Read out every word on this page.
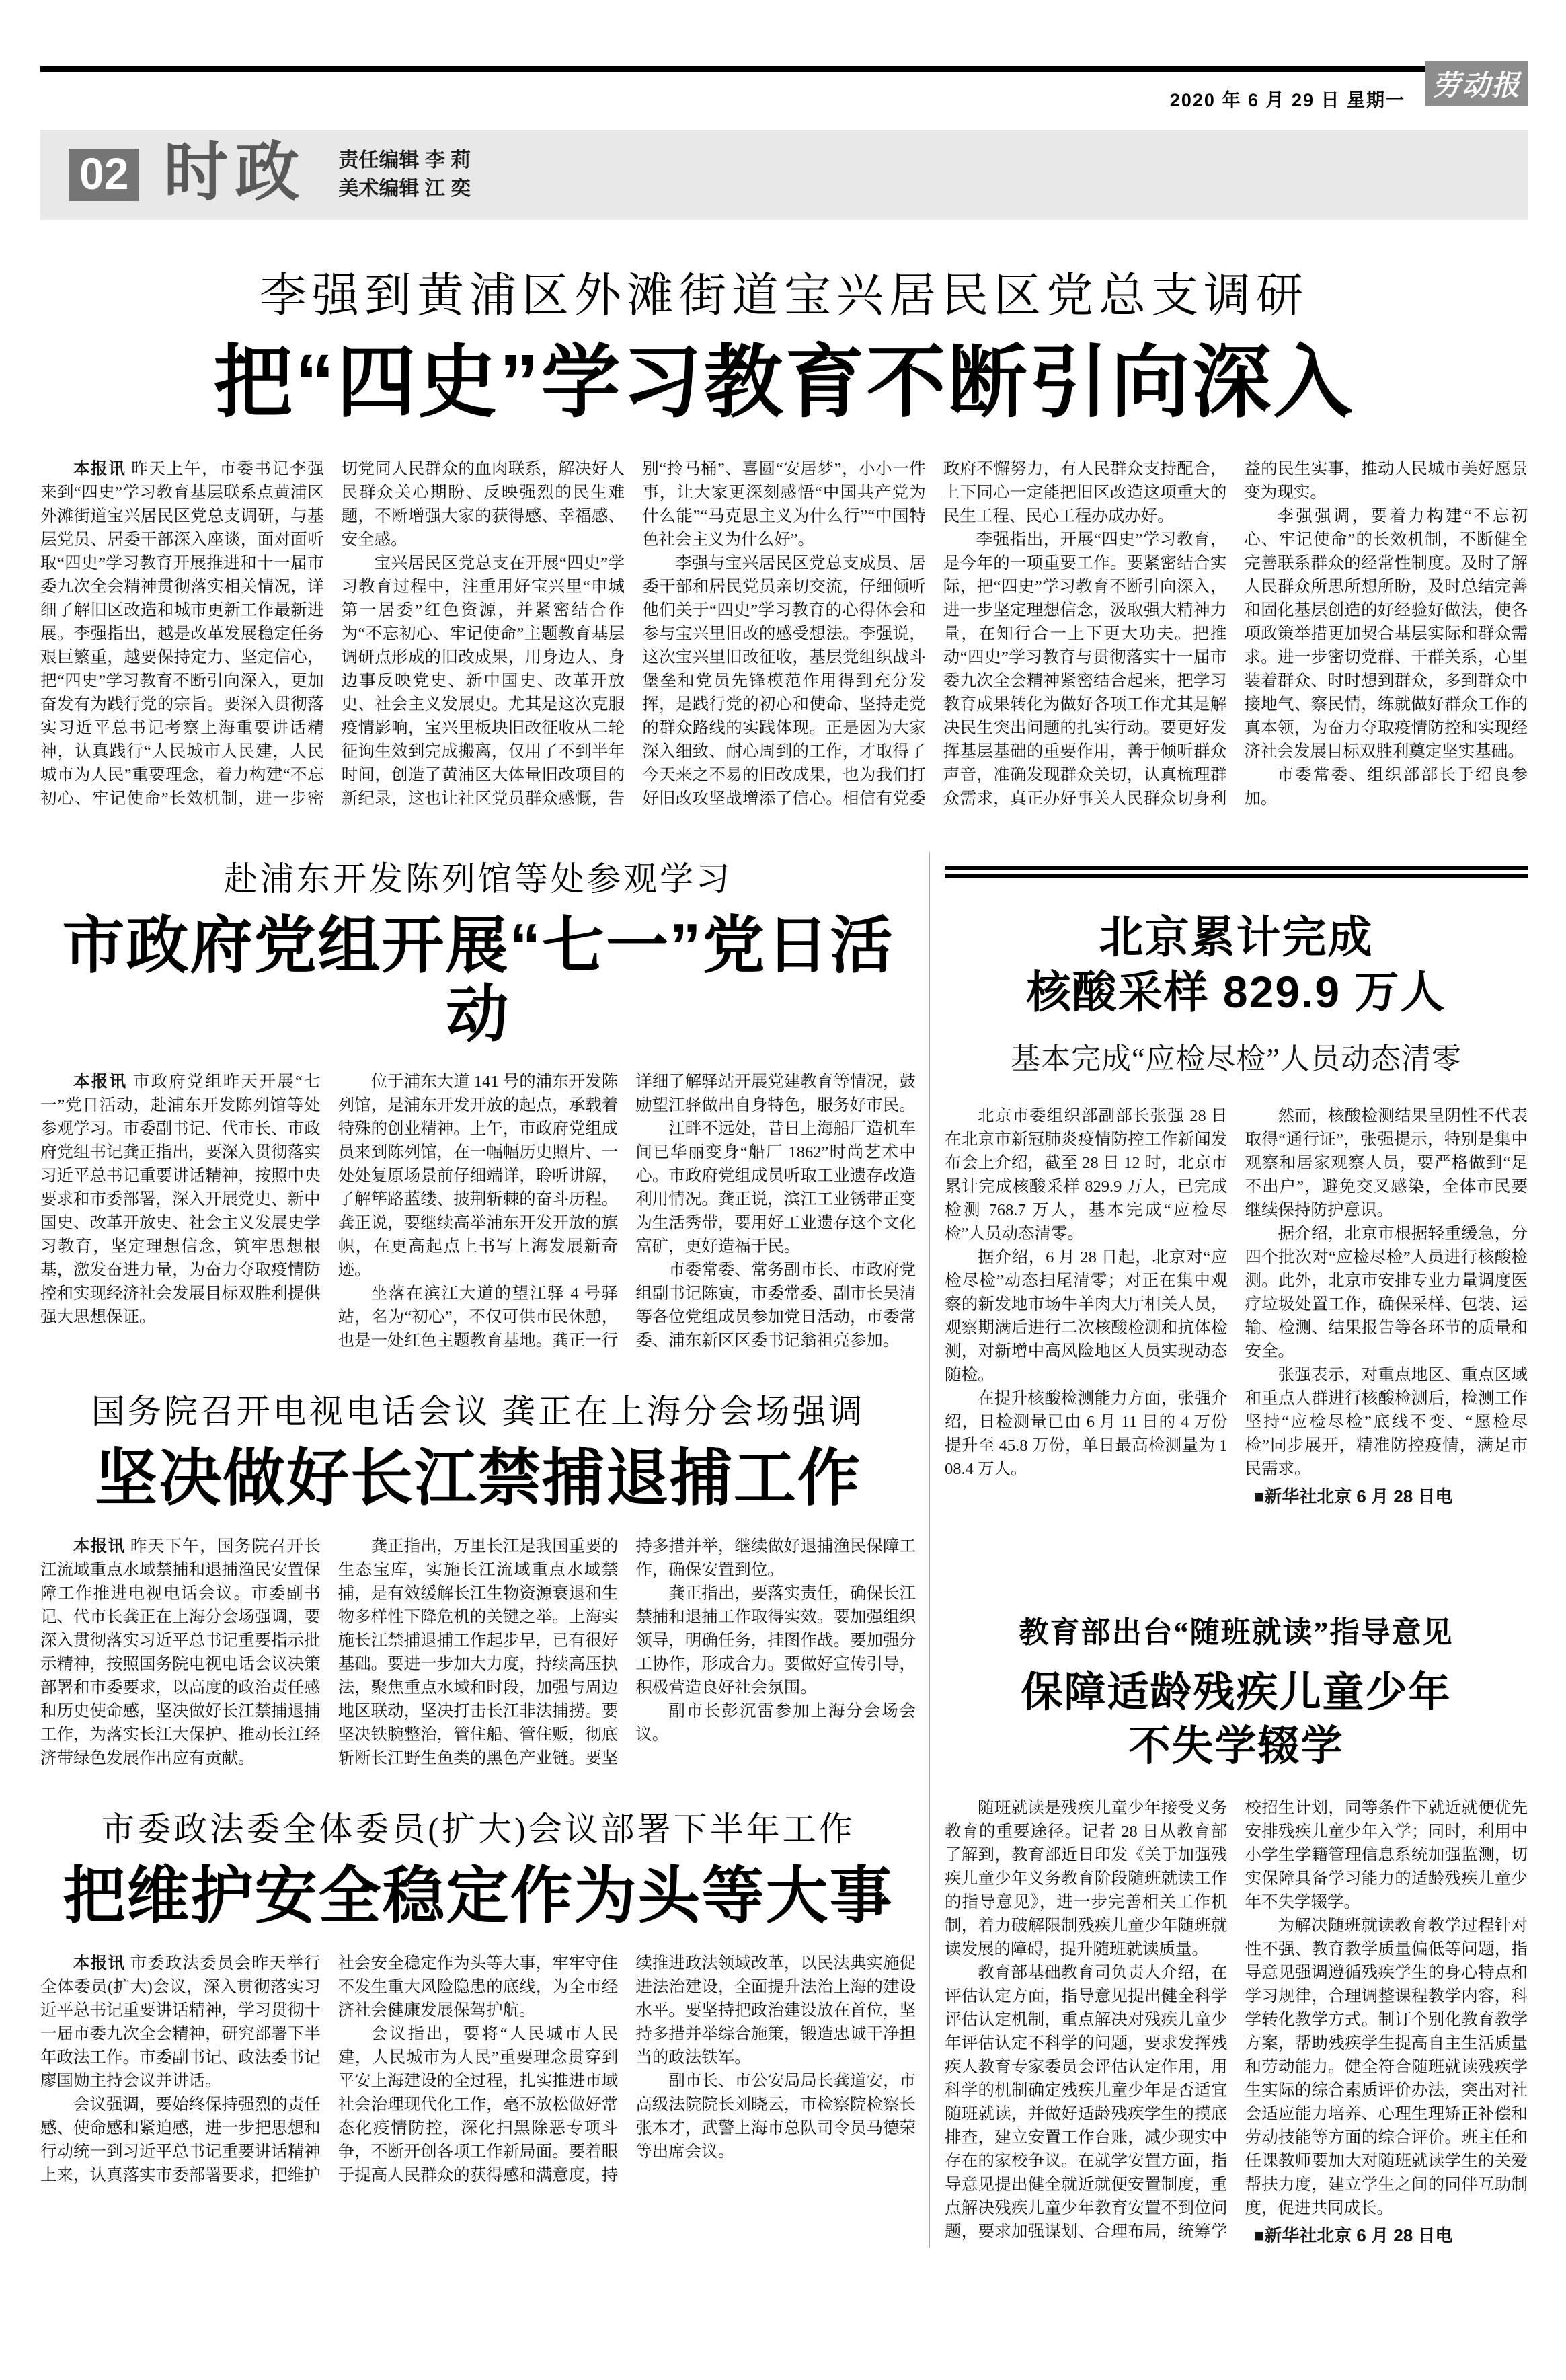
2020 年 6 月 29 日 星期一 劳动报
02 时政 责任编辑 李 莉
美术编辑 江 奕
李强到黄浦区外滩街道宝兴居民区党总支调研
把“四史”学习教育不断引向深入

本报讯 昨天上午，市委书记李强来到“四史”学习教育基层联系点黄浦区外滩街道宝兴居民区党总支调研，与基层党员、居委干部深入座谈，面对面听取“四史”学习教育开展推进和十一届市委九次全会精神贯彻落实相关情况，详细了解旧区改造和城市更新工作最新进展。李强指出，越是改革发展稳定任务艰巨繁重，越要保持定力、坚定信心，把“四史”学习教育不断引向深入，更加奋发有为践行党的宗旨。要深入贯彻落实习近平总书记考察上海重要讲话精神，认真践行“人民城市人民建，人民城市为人民”重要理念，着力构建“不忘初心、牢记使命”长效机制，进一步密切党同人民群众的血肉联系，解决好人民群众关心期盼、反映强烈的民生难题，不断增强大家的获得感、幸福感、安全感。

宝兴居民区党总支在开展“四史”学习教育过程中，注重用好宝兴里“申城第一居委”红色资源，并紧密结合作为“不忘初心、牢记使命”主题教育基层调研点形成的旧改成果，用身边人、身边事反映党史、新中国史、改革开放史、社会主义发展史。尤其是这次克服疫情影响，宝兴里板块旧改征收从二轮征询生效到完成搬离，仅用了不到半年时间，创造了黄浦区大体量旧改项目的新纪录，这也让社区党员群众感慨，告别“拎马桶”、喜圆“安居梦”，小小一件事，让大家更深刻感悟“中国共产党为什么能”“马克思主义为什么行”“中国特色社会主义为什么好”。

李强与宝兴居民区党总支成员、居委干部和居民党员亲切交流，仔细倾听他们关于“四史”学习教育的心得体会和参与宝兴里旧改的感受想法。李强说，这次宝兴里旧改征收，基层党组织战斗堡垒和党员先锋模范作用得到充分发挥，是践行党的初心和使命、坚持走党的群众路线的实践体现。正是因为大家深入细致、耐心周到的工作，才取得了今天来之不易的旧改成果，也为我们打好旧改攻坚战增添了信心。相信有党委政府不懈努力，有人民群众支持配合，上下同心一定能把旧区改造这项重大的民生工程、民心工程办成办好。

李强指出，开展“四史”学习教育，是今年的一项重要工作。要紧密结合实际，把“四史”学习教育不断引向深入，进一步坚定理想信念，汲取强大精神力量，在知行合一上下更大功夫。把推动“四史”学习教育与贯彻落实十一届市委九次全会精神紧密结合起来，把学习教育成果转化为做好各项工作尤其是解决民生突出问题的扎实行动。要更好发挥基层基础的重要作用，善于倾听群众声音，准确发现群众关切，认真梳理群众需求，真正办好事关人民群众切身利益的民生实事，推动人民城市美好愿景变为现实。

李强强调，要着力构建“不忘初心、牢记使命”的长效机制，不断健全完善联系群众的经常性制度。及时了解人民群众所思所想所盼，及时总结完善和固化基层创造的好经验好做法，使各项政策举措更加契合基层实际和群众需求。进一步密切党群、干群关系，心里装着群众、时时想到群众，多到群众中接地气、察民情，练就做好群众工作的真本领，为奋力夺取疫情防控和实现经济社会发展目标双胜利奠定坚实基础。

市委常委、组织部部长于绍良参加。

赴浦东开发陈列馆等处参观学习
市政府党组开展“七一”党日活动

本报讯 市政府党组昨天开展“七一”党日活动，赴浦东开发陈列馆等处参观学习。市委副书记、代市长、市政府党组书记龚正指出，要深入贯彻落实习近平总书记重要讲话精神，按照中央要求和市委部署，深入开展党史、新中国史、改革开放史、社会主义发展史学习教育，坚定理想信念，筑牢思想根基，激发奋进力量，为奋力夺取疫情防控和实现经济社会发展目标双胜利提供强大思想保证。

位于浦东大道 141 号的浦东开发陈列馆，是浦东开发开放的起点，承载着特殊的创业精神。上午，市政府党组成员来到陈列馆，在一幅幅历史照片、一处处复原场景前仔细端详，聆听讲解，了解筚路蓝缕、披荆斩棘的奋斗历程。龚正说，要继续高举浦东开发开放的旗帜，在更高起点上书写上海发展新奇迹。

坐落在滨江大道的望江驿 4 号驿站，名为“初心”，不仅可供市民休憩，也是一处红色主题教育基地。龚正一行详细了解驿站开展党建教育等情况，鼓励望江驿做出自身特色，服务好市民。

江畔不远处，昔日上海船厂造机车间已华丽变身“船厂 1862”时尚艺术中心。市政府党组成员听取工业遗存改造利用情况。龚正说，滨江工业锈带正变为生活秀带，要用好工业遗存这个文化富矿，更好造福于民。

市委常委、常务副市长、市政府党组副书记陈寅，市委常委、副市长吴清等各位党组成员参加党日活动，市委常委、浦东新区区委书记翁祖亮参加。

国务院召开电视电话会议 龚正在上海分会场强调
坚决做好长江禁捕退捕工作

本报讯 昨天下午，国务院召开长江流域重点水域禁捕和退捕渔民安置保障工作推进电视电话会议。市委副书记、代市长龚正在上海分会场强调，要深入贯彻落实习近平总书记重要指示批示精神，按照国务院电视电话会议决策部署和市委要求，以高度的政治责任感和历史使命感，坚决做好长江禁捕退捕工作，为落实长江大保护、推动长江经济带绿色发展作出应有贡献。

龚正指出，万里长江是我国重要的生态宝库，实施长江流域重点水域禁捕，是有效缓解长江生物资源衰退和生物多样性下降危机的关键之举。上海实施长江禁捕退捕工作起步早，已有很好基础。要进一步加大力度，持续高压执法，聚焦重点水域和时段，加强与周边地区联动，坚决打击长江非法捕捞。要坚决铁腕整治，管住船、管住贩，彻底斩断长江野生鱼类的黑色产业链。要坚持多措并举，继续做好退捕渔民保障工作，确保安置到位。

龚正指出，要落实责任，确保长江禁捕和退捕工作取得实效。要加强组织领导，明确任务，挂图作战。要加强分工协作，形成合力。要做好宣传引导，积极营造良好社会氛围。

副市长彭沉雷参加上海分会场会议。

市委政法委全体委员(扩大)会议部署下半年工作
把维护安全稳定作为头等大事

本报讯 市委政法委员会昨天举行全体委员(扩大)会议，深入贯彻落实习近平总书记重要讲话精神，学习贯彻十一届市委九次全会精神，研究部署下半年政法工作。市委副书记、政法委书记廖国勋主持会议并讲话。

会议强调，要始终保持强烈的责任感、使命感和紧迫感，进一步把思想和行动统一到习近平总书记重要讲话精神上来，认真落实市委部署要求，把维护社会安全稳定作为头等大事，牢牢守住不发生重大风险隐患的底线，为全市经济社会健康发展保驾护航。

会议指出，要将“人民城市人民建，人民城市为人民”重要理念贯穿到平安上海建设的全过程，扎实推进市域社会治理现代化工作，毫不放松做好常态化疫情防控，深化扫黑除恶专项斗争，不断开创各项工作新局面。要着眼于提高人民群众的获得感和满意度，持续推进政法领域改革，以民法典实施促进法治建设，全面提升法治上海的建设水平。要坚持把政治建设放在首位，坚持多措并举综合施策，锻造忠诚干净担当的政法铁军。

副市长、市公安局局长龚道安，市高级法院院长刘晓云，市检察院检察长张本才，武警上海市总队司令员马德荣等出席会议。

北京累计完成
核酸采样 829.9 万人
基本完成“应检尽检”人员动态清零

北京市委组织部副部长张强 28 日在北京市新冠肺炎疫情防控工作新闻发布会上介绍，截至 28 日 12 时，北京市累计完成核酸采样 829.9 万人，已完成检测 768.7 万人，基本完成“应检尽检”人员动态清零。

据介绍，6 月 28 日起，北京对“应检尽检”动态扫尾清零；对正在集中观察的新发地市场牛羊肉大厅相关人员，观察期满后进行二次核酸检测和抗体检测，对新增中高风险地区人员实现动态随检。

在提升核酸检测能力方面，张强介绍，日检测量已由 6 月 11 日的 4 万份提升至 45.8 万份，单日最高检测量为 108.4 万人。

然而，核酸检测结果呈阴性不代表取得“通行证”，张强提示，特别是集中观察和居家观察人员，要严格做到“足不出户”，避免交叉感染，全体市民要继续保持防护意识。

据介绍，北京市根据轻重缓急，分四个批次对“应检尽检”人员进行核酸检测。此外，北京市安排专业力量调度医疗垃圾处置工作，确保采样、包装、运输、检测、结果报告等各环节的质量和安全。

张强表示，对重点地区、重点区域和重点人群进行核酸检测后，检测工作坚持“应检尽检”底线不变、“愿检尽检”同步展开，精准防控疫情，满足市民需求。

■新华社北京 6 月 28 日电

教育部出台“随班就读”指导意见
保障适龄残疾儿童少年
不失学辍学

随班就读是残疾儿童少年接受义务教育的重要途径。记者 28 日从教育部了解到，教育部近日印发《关于加强残疾儿童少年义务教育阶段随班就读工作的指导意见》，进一步完善相关工作机制，着力破解限制残疾儿童少年随班就读发展的障碍，提升随班就读质量。

教育部基础教育司负责人介绍，在评估认定方面，指导意见提出健全科学评估认定机制，重点解决对残疾儿童少年评估认定不科学的问题，要求发挥残疾人教育专家委员会评估认定作用，用科学的机制确定残疾儿童少年是否适宜随班就读，并做好适龄残疾学生的摸底排查，建立安置工作台账，减少现实中存在的家校争议。在就学安置方面，指导意见提出健全就近就便安置制度，重点解决残疾儿童少年教育安置不到位问题，要求加强谋划、合理布局，统筹学校招生计划，同等条件下就近就便优先安排残疾儿童少年入学；同时，利用中小学生学籍管理信息系统加强监测，切实保障具备学习能力的适龄残疾儿童少年不失学辍学。

为解决随班就读教育教学过程针对性不强、教育教学质量偏低等问题，指导意见强调遵循残疾学生的身心特点和学习规律，合理调整课程教学内容，科学转化教学方式。制订个别化教育教学方案，帮助残疾学生提高自主生活质量和劳动能力。健全符合随班就读残疾学生实际的综合素质评价办法，突出对社会适应能力培养、心理生理矫正补偿和劳动技能等方面的综合评价。班主任和任课教师要加大对随班就读学生的关爱帮扶力度，建立学生之间的同伴互助制度，促进共同成长。

■新华社北京 6 月 28 日电
